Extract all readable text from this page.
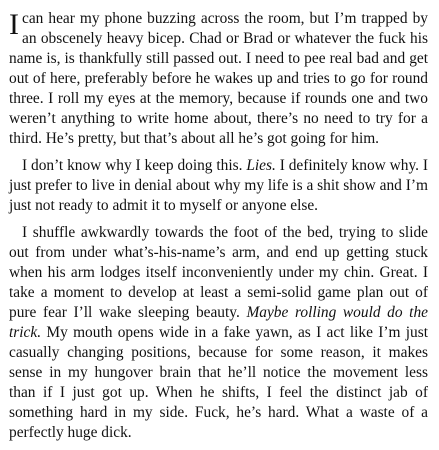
I can hear my phone buzzing across the room, but I’m trapped by an obscenely heavy bicep. Chad or Brad or whatever the fuck his name is, is thankfully still passed out. I need to pee real bad and get out of here, preferably before he wakes up and tries to go for round three. I roll my eyes at the memory, because if rounds one and two weren’t anything to write home about, there’s no need to try for a third. He’s pretty, but that’s about all he’s got going for him.

I don’t know why I keep doing this. Lies. I definitely know why. I just prefer to live in denial about why my life is a shit show and I’m just not ready to admit it to myself or anyone else.

I shuffle awkwardly towards the foot of the bed, trying to slide out from under what’s-his-name’s arm, and end up getting stuck when his arm lodges itself inconveniently under my chin. Great. I take a moment to develop at least a semi-solid game plan out of pure fear I’ll wake sleeping beauty. Maybe rolling would do the trick. My mouth opens wide in a fake yawn, as I act like I’m just casually changing positions, because for some reason, it makes sense in my hungover brain that he’ll notice the movement less than if I just got up. When he shifts, I feel the distinct jab of something hard in my side. Fuck, he’s hard. What a waste of a perfectly huge dick.
